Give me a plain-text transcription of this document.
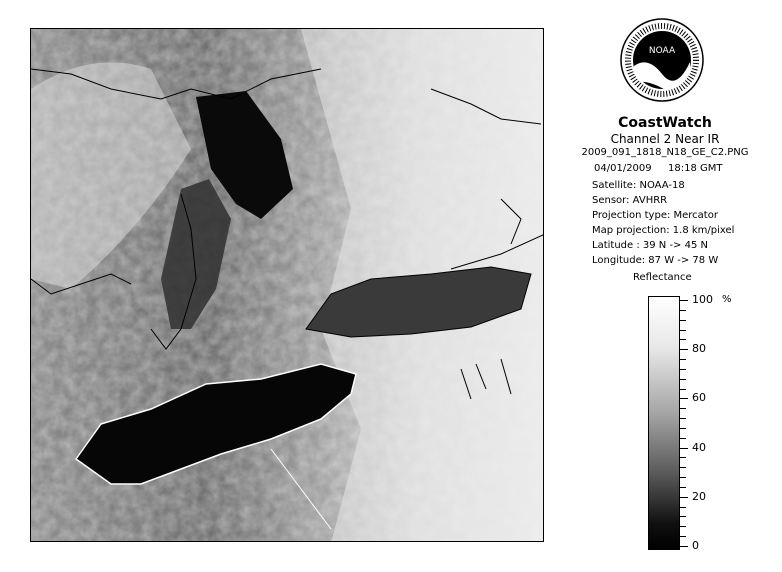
NOAA
CoastWatch
Channel 2 Near IR
2009_091_1818_N18_GE_C2.PNG
04/01/2009 18:18 GMT
Satellite: NOAA-18
Sensor: AVHRR
Projection type: Mercator
Map projection: 1.8 km/pixel
Latitude : 39 N -> 45 N
Longitude: 87 W -> 78 W
Reflectance
%
100
80
60
40
20
0
